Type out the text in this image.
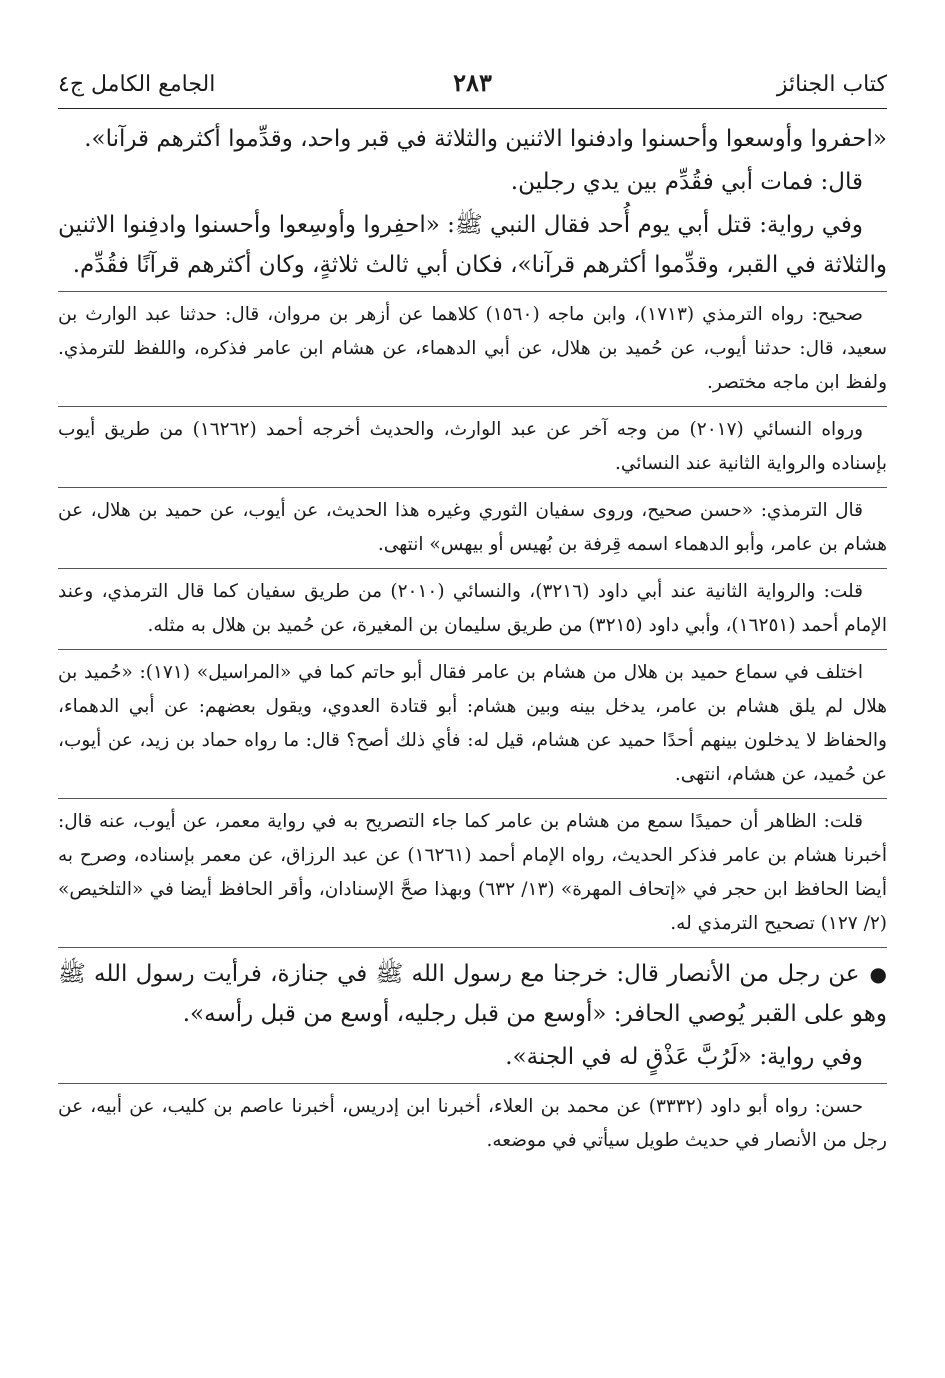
كتاب الجنائز
٢٨٣
الجامع الكامل ج٤

«احفروا وأوسعوا وأحسنوا وادفنوا الاثنين والثلاثة في قبر واحد، وقدِّموا أكثرهم قرآنا».

قال: فمات أبي فقُدِّم بين يدي رجلين.

وفي رواية: قتل أبي يوم أُحد فقال النبي ﷺ: «احفِروا وأوسِعوا وأحسنوا وادفِنوا الاثنين والثلاثة في القبر، وقدِّموا أكثرهم قرآنا»، فكان أبي ثالث ثلاثةٍ، وكان أكثرهم قرآنًا فقُدِّم.

صحيح: رواه الترمذي (١٧١٣)، وابن ماجه (١٥٦٠) كلاهما عن أزهر بن مروان، قال: حدثنا عبد الوارث بن سعيد، قال: حدثنا أيوب، عن حُميد بن هلال، عن أبي الدهماء، عن هشام ابن عامر فذكره، واللفظ للترمذي. ولفظ ابن ماجه مختصر.

ورواه النسائي (٢٠١٧) من وجه آخر عن عبد الوارث، والحديث أخرجه أحمد (١٦٢٦٢) من طريق أيوب بإسناده والرواية الثانية عند النسائي.

قال الترمذي: «حسن صحيح، وروى سفيان الثوري وغيره هذا الحديث، عن أيوب، عن حميد بن هلال، عن هشام بن عامر، وأبو الدهماء اسمه قِرفة بن بُهيس أو بيهس» انتهى.

قلت: والرواية الثانية عند أبي داود (٣٢١٦)، والنسائي (٢٠١٠) من طريق سفيان كما قال الترمذي، وعند الإمام أحمد (١٦٢٥١)، وأبي داود (٣٢١٥) من طريق سليمان بن المغيرة، عن حُميد بن هلال به مثله.

اختلف في سماع حميد بن هلال من هشام بن عامر فقال أبو حاتم كما في «المراسيل» (١٧١): «حُميد بن هلال لم يلق هشام بن عامر، يدخل بينه وبين هشام: أبو قتادة العدوي، ويقول بعضهم: عن أبي الدهماء، والحفاظ لا يدخلون بينهم أحدًا حميد عن هشام، قيل له: فأي ذلك أصح؟ قال: ما رواه حماد بن زيد، عن أيوب، عن حُميد، عن هشام، انتهى.

قلت: الظاهر أن حميدًا سمع من هشام بن عامر كما جاء التصريح به في رواية معمر، عن أيوب، عنه قال: أخبرنا هشام بن عامر فذكر الحديث، رواه الإمام أحمد (١٦٢٦١) عن عبد الرزاق، عن معمر بإسناده، وصرح به أيضا الحافظ ابن حجر في «إتحاف المهرة» (١٣/ ٦٣٢) وبهذا صحَّ الإسنادان، وأقر الحافظ أيضا في «التلخيص» (٢/ ١٢٧) تصحيح الترمذي له.

●عن رجل من الأنصار قال: خرجنا مع رسول الله ﷺ في جنازة، فرأيت رسول الله ﷺ وهو على القبر يُوصي الحافر: «أوسع من قبل رجليه، أوسع من قبل رأسه».

وفي رواية: «لَرُبَّ عَذْقٍ له في الجنة».

حسن: رواه أبو داود (٣٣٣٢) عن محمد بن العلاء، أخبرنا ابن إدريس، أخبرنا عاصم بن كليب، عن أبيه، عن رجل من الأنصار في حديث طويل سيأتي في موضعه.
